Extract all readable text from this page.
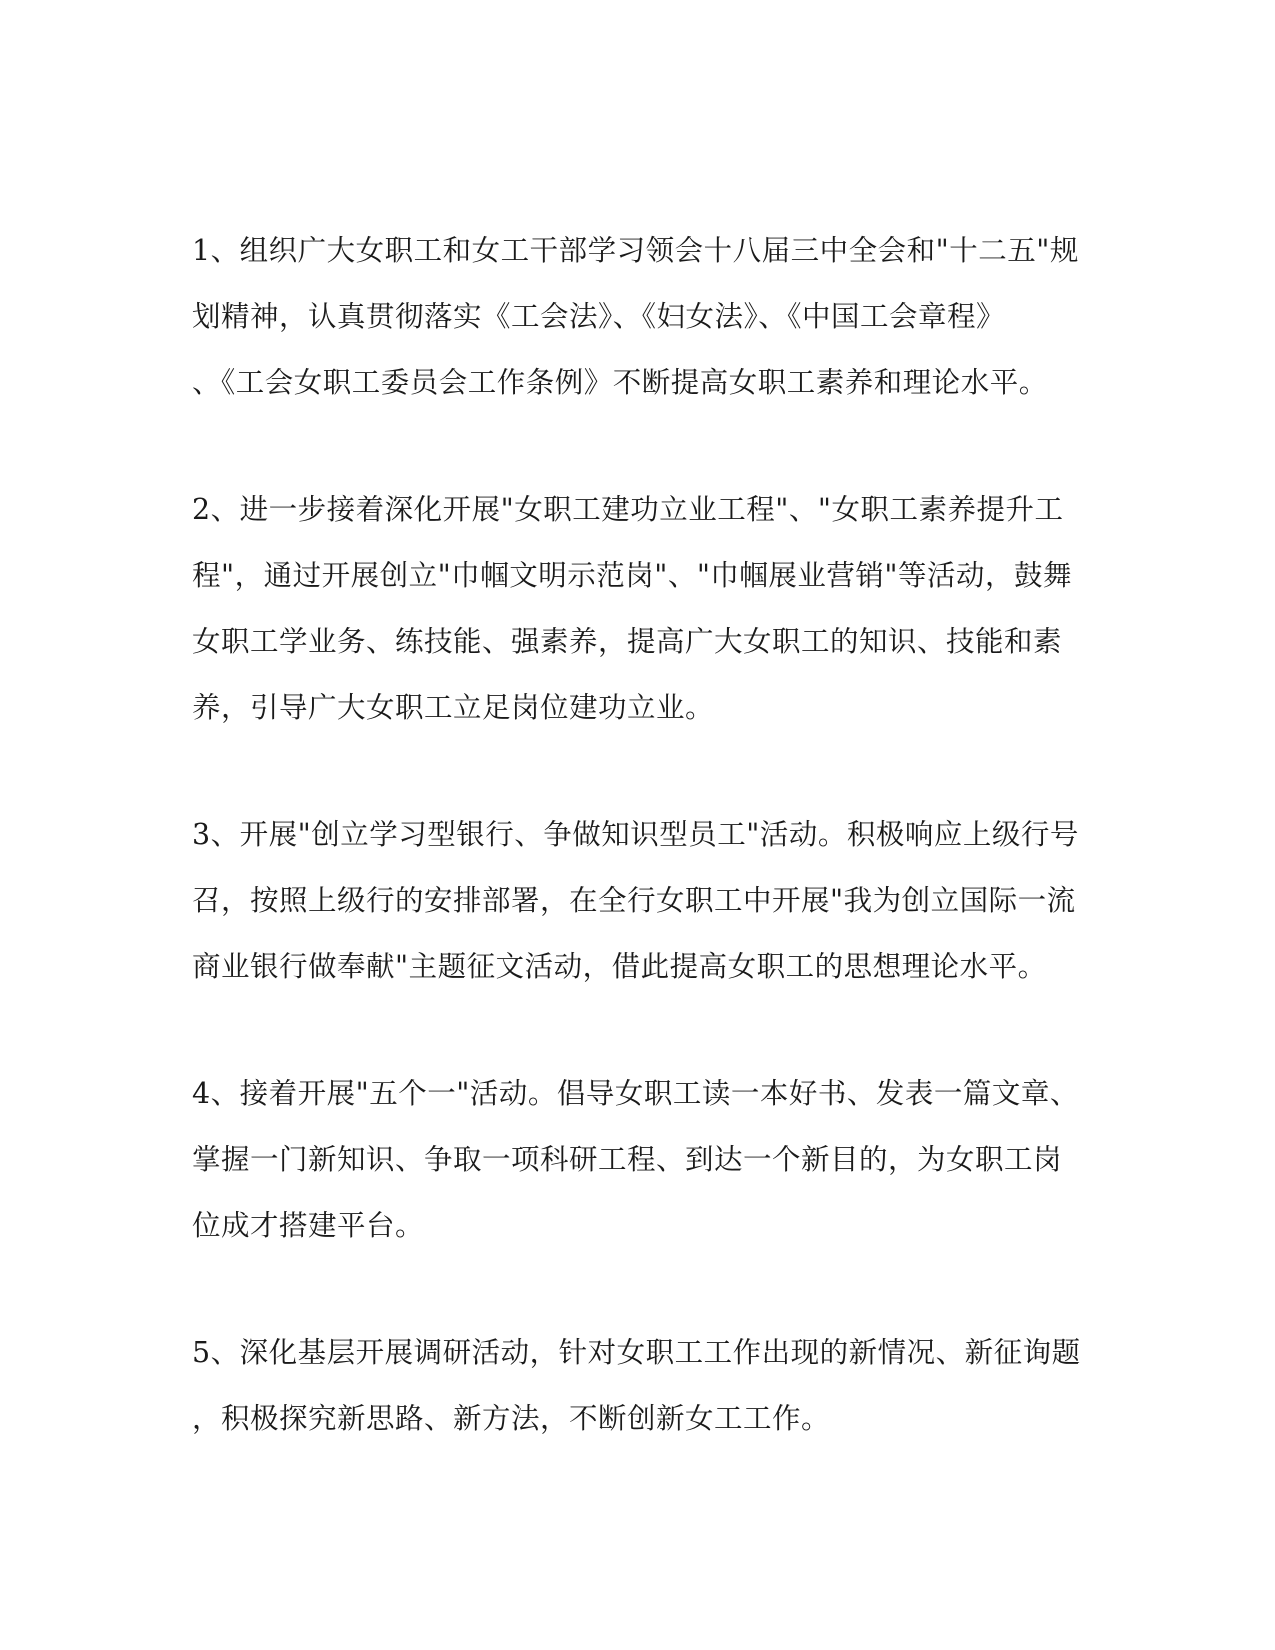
1、组织广大女职工和女工干部学习领会十八届三中全会和"十二五"规
划精神，认真贯彻落实《工会法》、《妇女法》、《中国工会章程》
、《工会女职工委员会工作条例》不断提高女职工素养和理论水平。
2、进一步接着深化开展"女职工建功立业工程"、"女职工素养提升工
程"，通过开展创立"巾帼文明示范岗"、"巾帼展业营销"等活动，鼓舞
女职工学业务、练技能、强素养，提高广大女职工的知识、技能和素
养，引导广大女职工立足岗位建功立业。
3、开展"创立学习型银行、争做知识型员工"活动。积极响应上级行号
召，按照上级行的安排部署，在全行女职工中开展"我为创立国际一流
商业银行做奉献"主题征文活动，借此提高女职工的思想理论水平。
4、接着开展"五个一"活动。倡导女职工读一本好书、发表一篇文章、
掌握一门新知识、争取一项科研工程、到达一个新目的，为女职工岗
位成才搭建平台。
5、深化基层开展调研活动，针对女职工工作出现的新情况、新征询题
，积极探究新思路、新方法，不断创新女工工作。
